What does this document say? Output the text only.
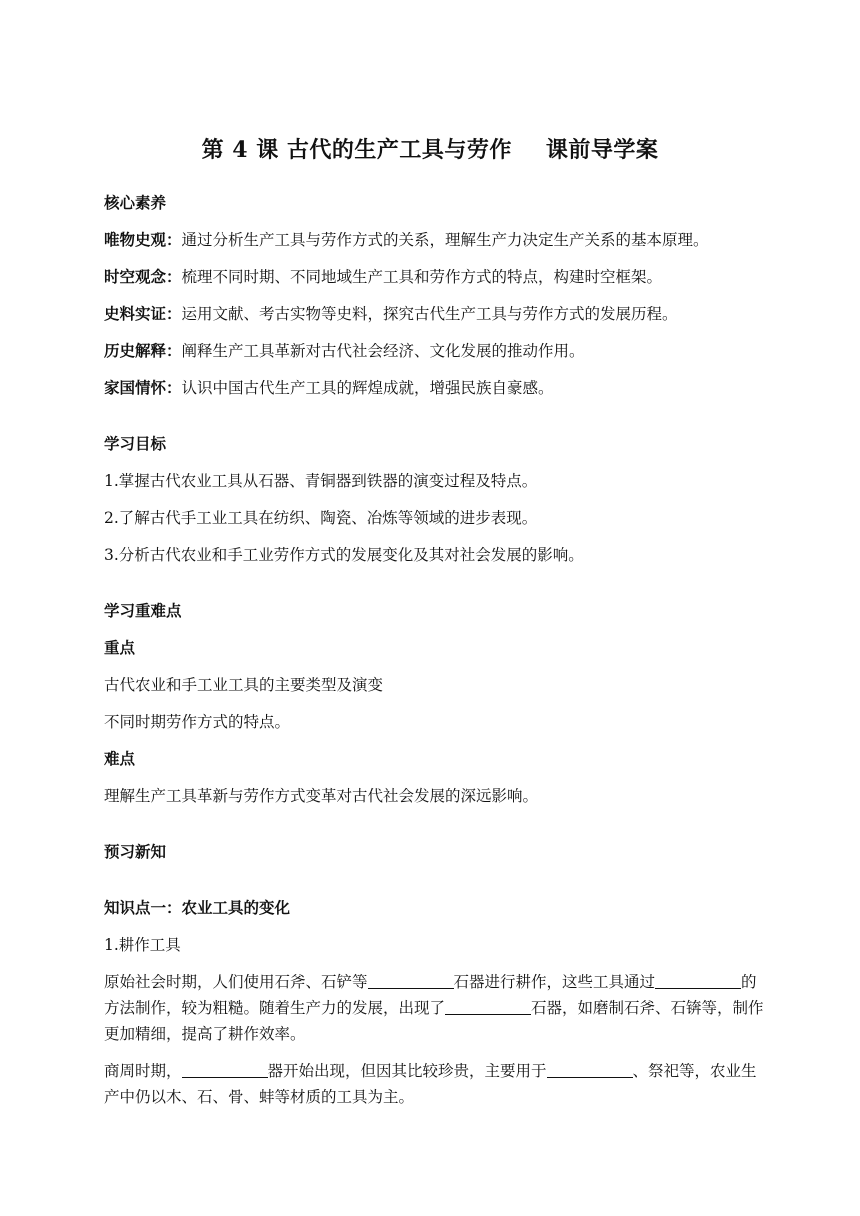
第 4 课 古代的生产工具与劳作 课前导学案

核心素养

唯物史观：通过分析生产工具与劳作方式的关系，理解生产力决定生产关系的基本原理。

时空观念：梳理不同时期、不同地域生产工具和劳作方式的特点，构建时空框架。

史料实证：运用文献、考古实物等史料，探究古代生产工具与劳作方式的发展历程。

历史解释：阐释生产工具革新对古代社会经济、文化发展的推动作用。

家国情怀：认识中国古代生产工具的辉煌成就，增强民族自豪感。

学习目标

1.掌握古代农业工具从石器、青铜器到铁器的演变过程及特点。

2.了解古代手工业工具在纺织、陶瓷、冶炼等领域的进步表现。

3.分析古代农业和手工业劳作方式的发展变化及其对社会发展的影响。

学习重难点

重点

古代农业和手工业工具的主要类型及演变

不同时期劳作方式的特点。

难点

理解生产工具革新与劳作方式变革对古代社会发展的深远影响。

预习新知

知识点一：农业工具的变化

1.耕作工具

原始社会时期，人们使用石斧、石铲等	石器进行耕作，这些工具通过	的方法制作，较为粗糙。随着生产力的发展，出现了	石器，如磨制石斧、石锛等，制作更加精细，提高了耕作效率。

商周时期，	器开始出现，但因其比较珍贵，主要用于	、祭祀等，农业生产中仍以木、石、骨、蚌等材质的工具为主。
